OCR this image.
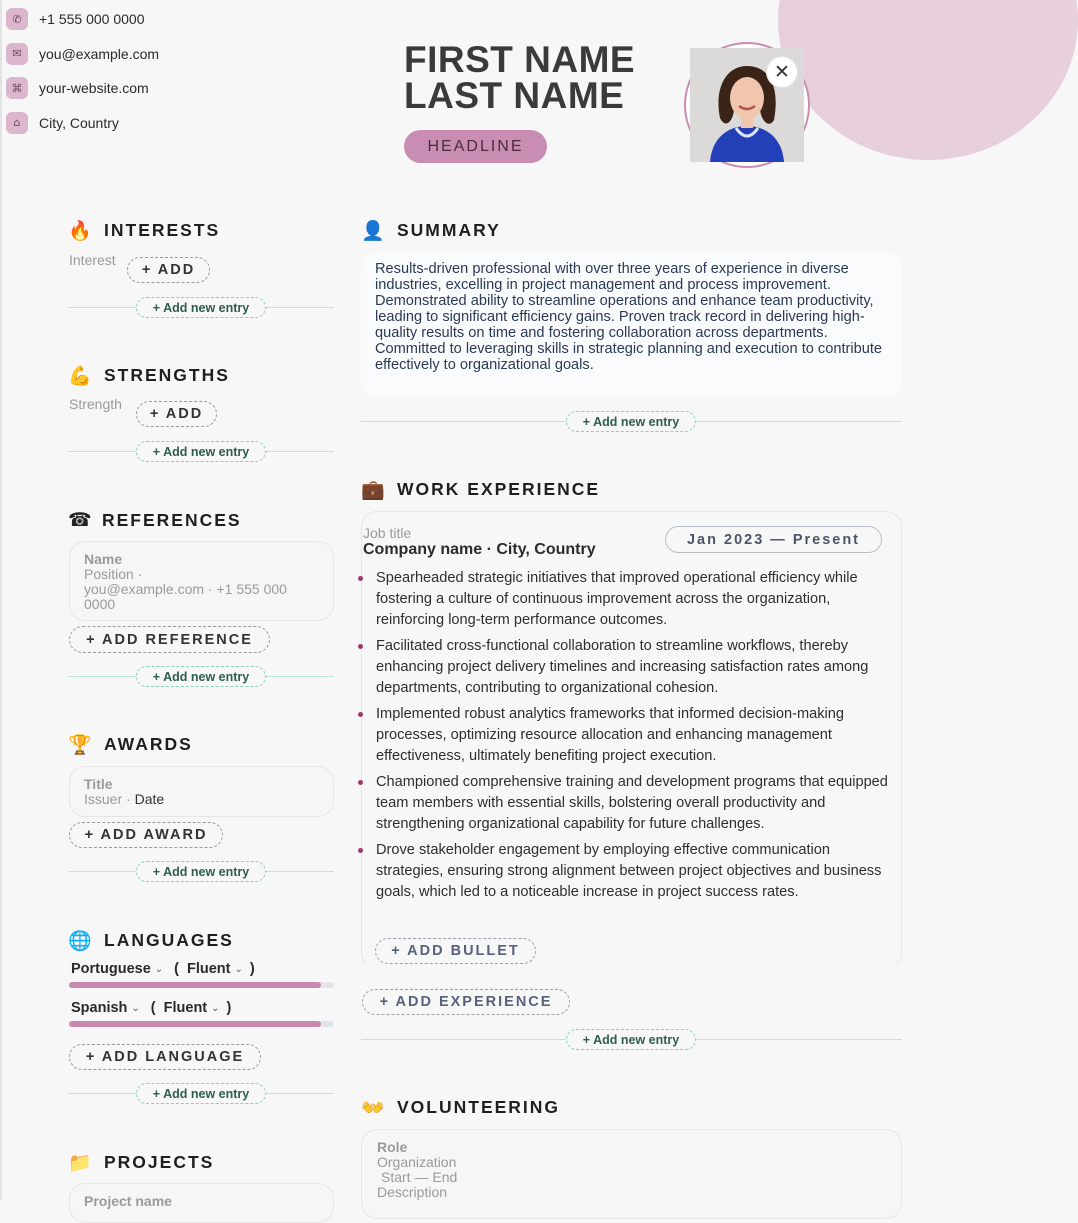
✆	+1 555 000 0000
✉	you@example.com
⌘	your-website.com
⌂	City, Country
FIRST NAME
LAST NAME
HEADLINE
✕
🔥 INTERESTS
Interest
+ ADD
+ Add new entry
💪 STRENGTHS
Strength
+ ADD
+ Add new entry
☎ REFERENCES
Name
Position ·
you@example.com · +1 555 000 0000
+ ADD REFERENCE
+ Add new entry
🏆 AWARDS
Title
Issuer · Date
+ ADD AWARD
+ Add new entry
🌐 LANGUAGES
Portuguese ⌄ ( Fluent ⌄ )
Spanish ⌄ ( Fluent ⌄ )
+ ADD LANGUAGE
+ Add new entry
📁 PROJECTS
Project name
👤 SUMMARY

Results-driven professional with over three years of experience in diverse industries, excelling in project management and process improvement. Demonstrated ability to streamline operations and enhance team productivity, leading to significant efficiency gains. Proven track record in delivering high-quality results on time and fostering collaboration across departments. Committed to leveraging skills in strategic planning and execution to contribute effectively to organizational goals.

+ Add new entry
💼 WORK EXPERIENCE
Job title
Company name · City, Country
Jan 2023 — Present
Spearheaded strategic initiatives that improved operational efficiency while fostering a culture of continuous improvement across the organization, reinforcing long-term performance outcomes.
Facilitated cross-functional collaboration to streamline workflows, thereby enhancing project delivery timelines and increasing satisfaction rates among departments, contributing to organizational cohesion.
Implemented robust analytics frameworks that informed decision-making processes, optimizing resource allocation and enhancing management effectiveness, ultimately benefiting project execution.
Championed comprehensive training and development programs that equipped team members with essential skills, bolstering overall productivity and strengthening organizational capability for future challenges.
Drove stakeholder engagement by employing effective communication strategies, ensuring strong alignment between project objectives and business goals, which led to a noticeable increase in project success rates.
+ ADD BULLET
+ ADD EXPERIENCE
+ Add new entry
👐 VOLUNTEERING
Role
Organization
Start — End
Description
